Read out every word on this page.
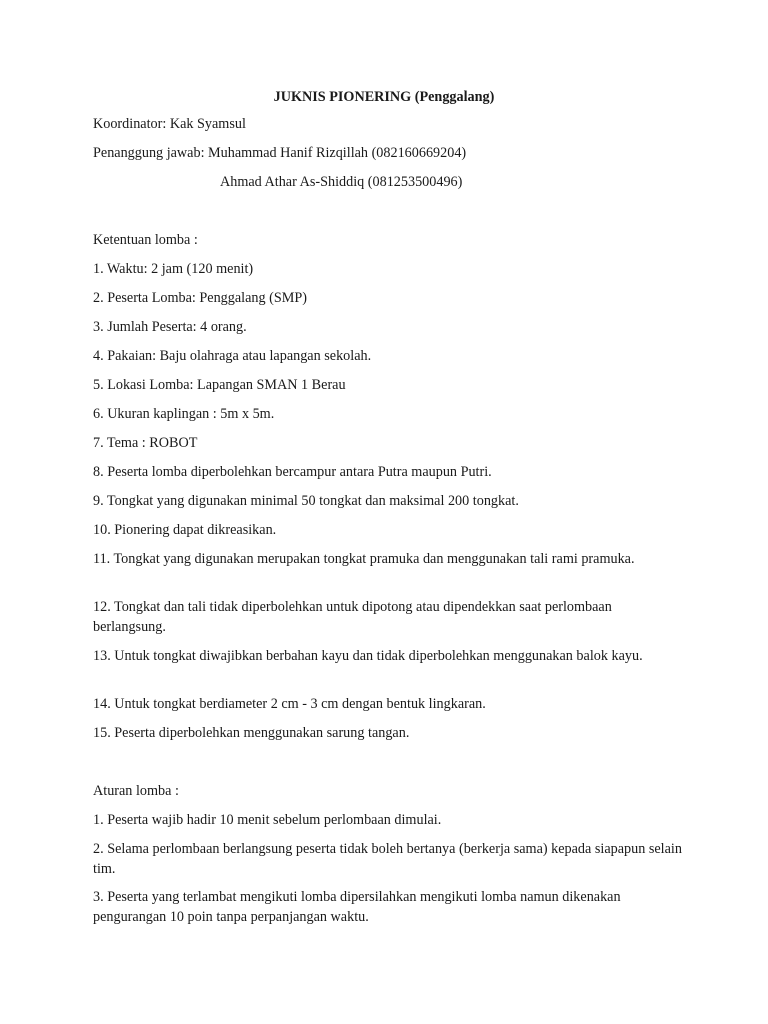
JUKNIS PIONERING (Penggalang)
Koordinator: Kak Syamsul
Penanggung jawab: Muhammad Hanif Rizqillah (082160669204)
Ahmad Athar As-Shiddiq (081253500496)
Ketentuan lomba :
1. Waktu: 2 jam (120 menit)
2. Peserta Lomba: Penggalang (SMP)
3. Jumlah Peserta: 4 orang.
4. Pakaian: Baju olahraga atau lapangan sekolah.
5. Lokasi Lomba: Lapangan SMAN 1 Berau
6. Ukuran kaplingan : 5m x 5m.
7. Tema : ROBOT
8. Peserta lomba diperbolehkan bercampur antara Putra maupun Putri.
9. Tongkat yang digunakan minimal 50 tongkat dan maksimal 200 tongkat.
10. Pionering dapat dikreasikan.
11. Tongkat yang digunakan merupakan tongkat pramuka dan menggunakan tali rami pramuka.
12. Tongkat dan tali tidak diperbolehkan untuk dipotong atau dipendekkan saat perlombaan berlangsung.
13. Untuk tongkat diwajibkan berbahan kayu dan tidak diperbolehkan menggunakan balok kayu.
14. Untuk tongkat berdiameter 2 cm - 3 cm dengan bentuk lingkaran.
15. Peserta diperbolehkan menggunakan sarung tangan.
Aturan lomba :
1. Peserta wajib hadir 10 menit sebelum perlombaan dimulai.
2. Selama perlombaan berlangsung peserta tidak boleh bertanya (berkerja sama) kepada siapapun selain tim.
3. Peserta yang terlambat mengikuti lomba dipersilahkan mengikuti lomba namun dikenakan pengurangan 10 poin tanpa perpanjangan waktu.
